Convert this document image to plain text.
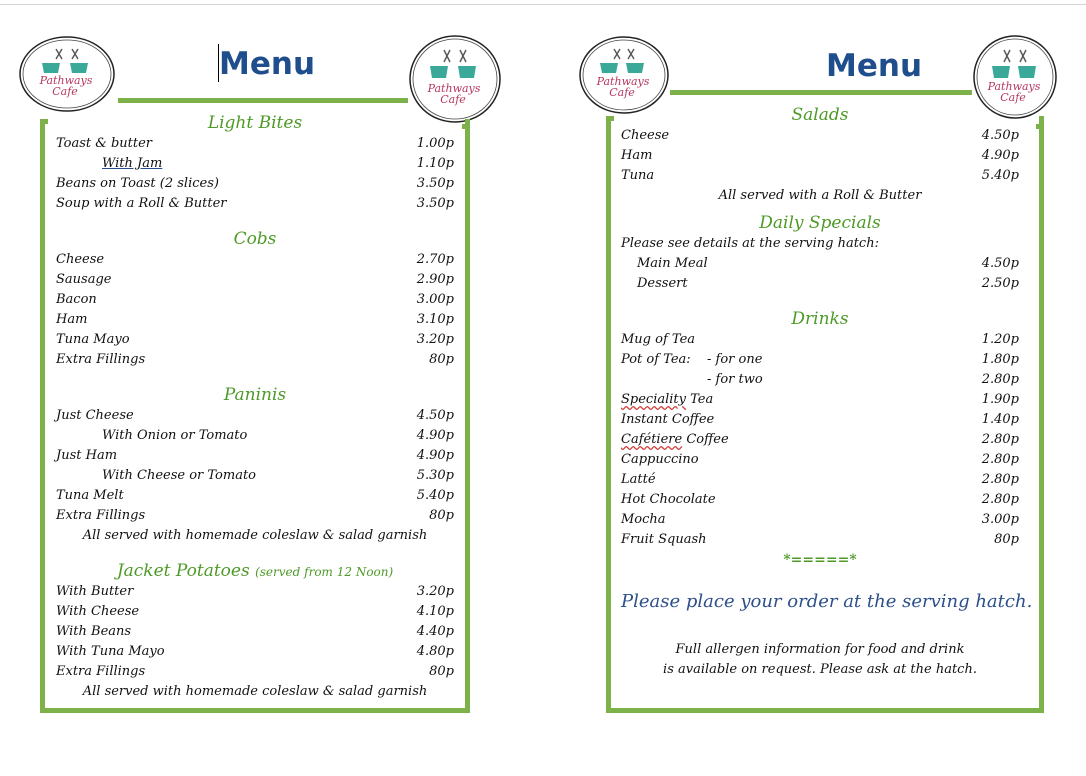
Pathways
Cafe	Pathways
Cafe
Pathways
Cafe	Pathways
Cafe
Menu	Menu
Light Bites
Toast & butter	1.00p
With Jam	1.10p
Beans on Toast (2 slices)	3.50p
Soup with a Roll & Butter	3.50p
Cobs
Cheese	2.70p
Sausage	2.90p
Bacon	3.00p
Ham	3.10p
Tuna Mayo	3.20p
Extra Fillings	80p
Paninis
Just Cheese	4.50p
With Onion or Tomato	4.90p
Just Ham	4.90p
With Cheese or Tomato	5.30p
Tuna Melt	5.40p
Extra Fillings	80p
All served with homemade coleslaw & salad garnish
Jacket Potatoes (served from 12 Noon)
With Butter	3.20p
With Cheese	4.10p
With Beans	4.40p
With Tuna Mayo	4.80p
Extra Fillings	80p
All served with homemade coleslaw & salad garnish
Salads
Cheese	4.50p
Ham	4.90p
Tuna	5.40p
All served with a Roll & Butter
Daily Specials
Please see details at the serving hatch:
Main Meal	4.50p
Dessert	2.50p
Drinks
Mug of Tea	1.20p
Pot of Tea:	- for one	1.80p
- for two	2.80p
Speciality Tea	1.90p
Instant Coffee	1.40p
Cafétiere Coffee	2.80p
Cappuccino	2.80p
Latté	2.80p
Hot Chocolate	2.80p
Mocha	3.00p
Fruit Squash	80p
*=====*
Please place your order at the serving hatch.
Full allergen information for food and drink
is available on request. Please ask at the hatch.
